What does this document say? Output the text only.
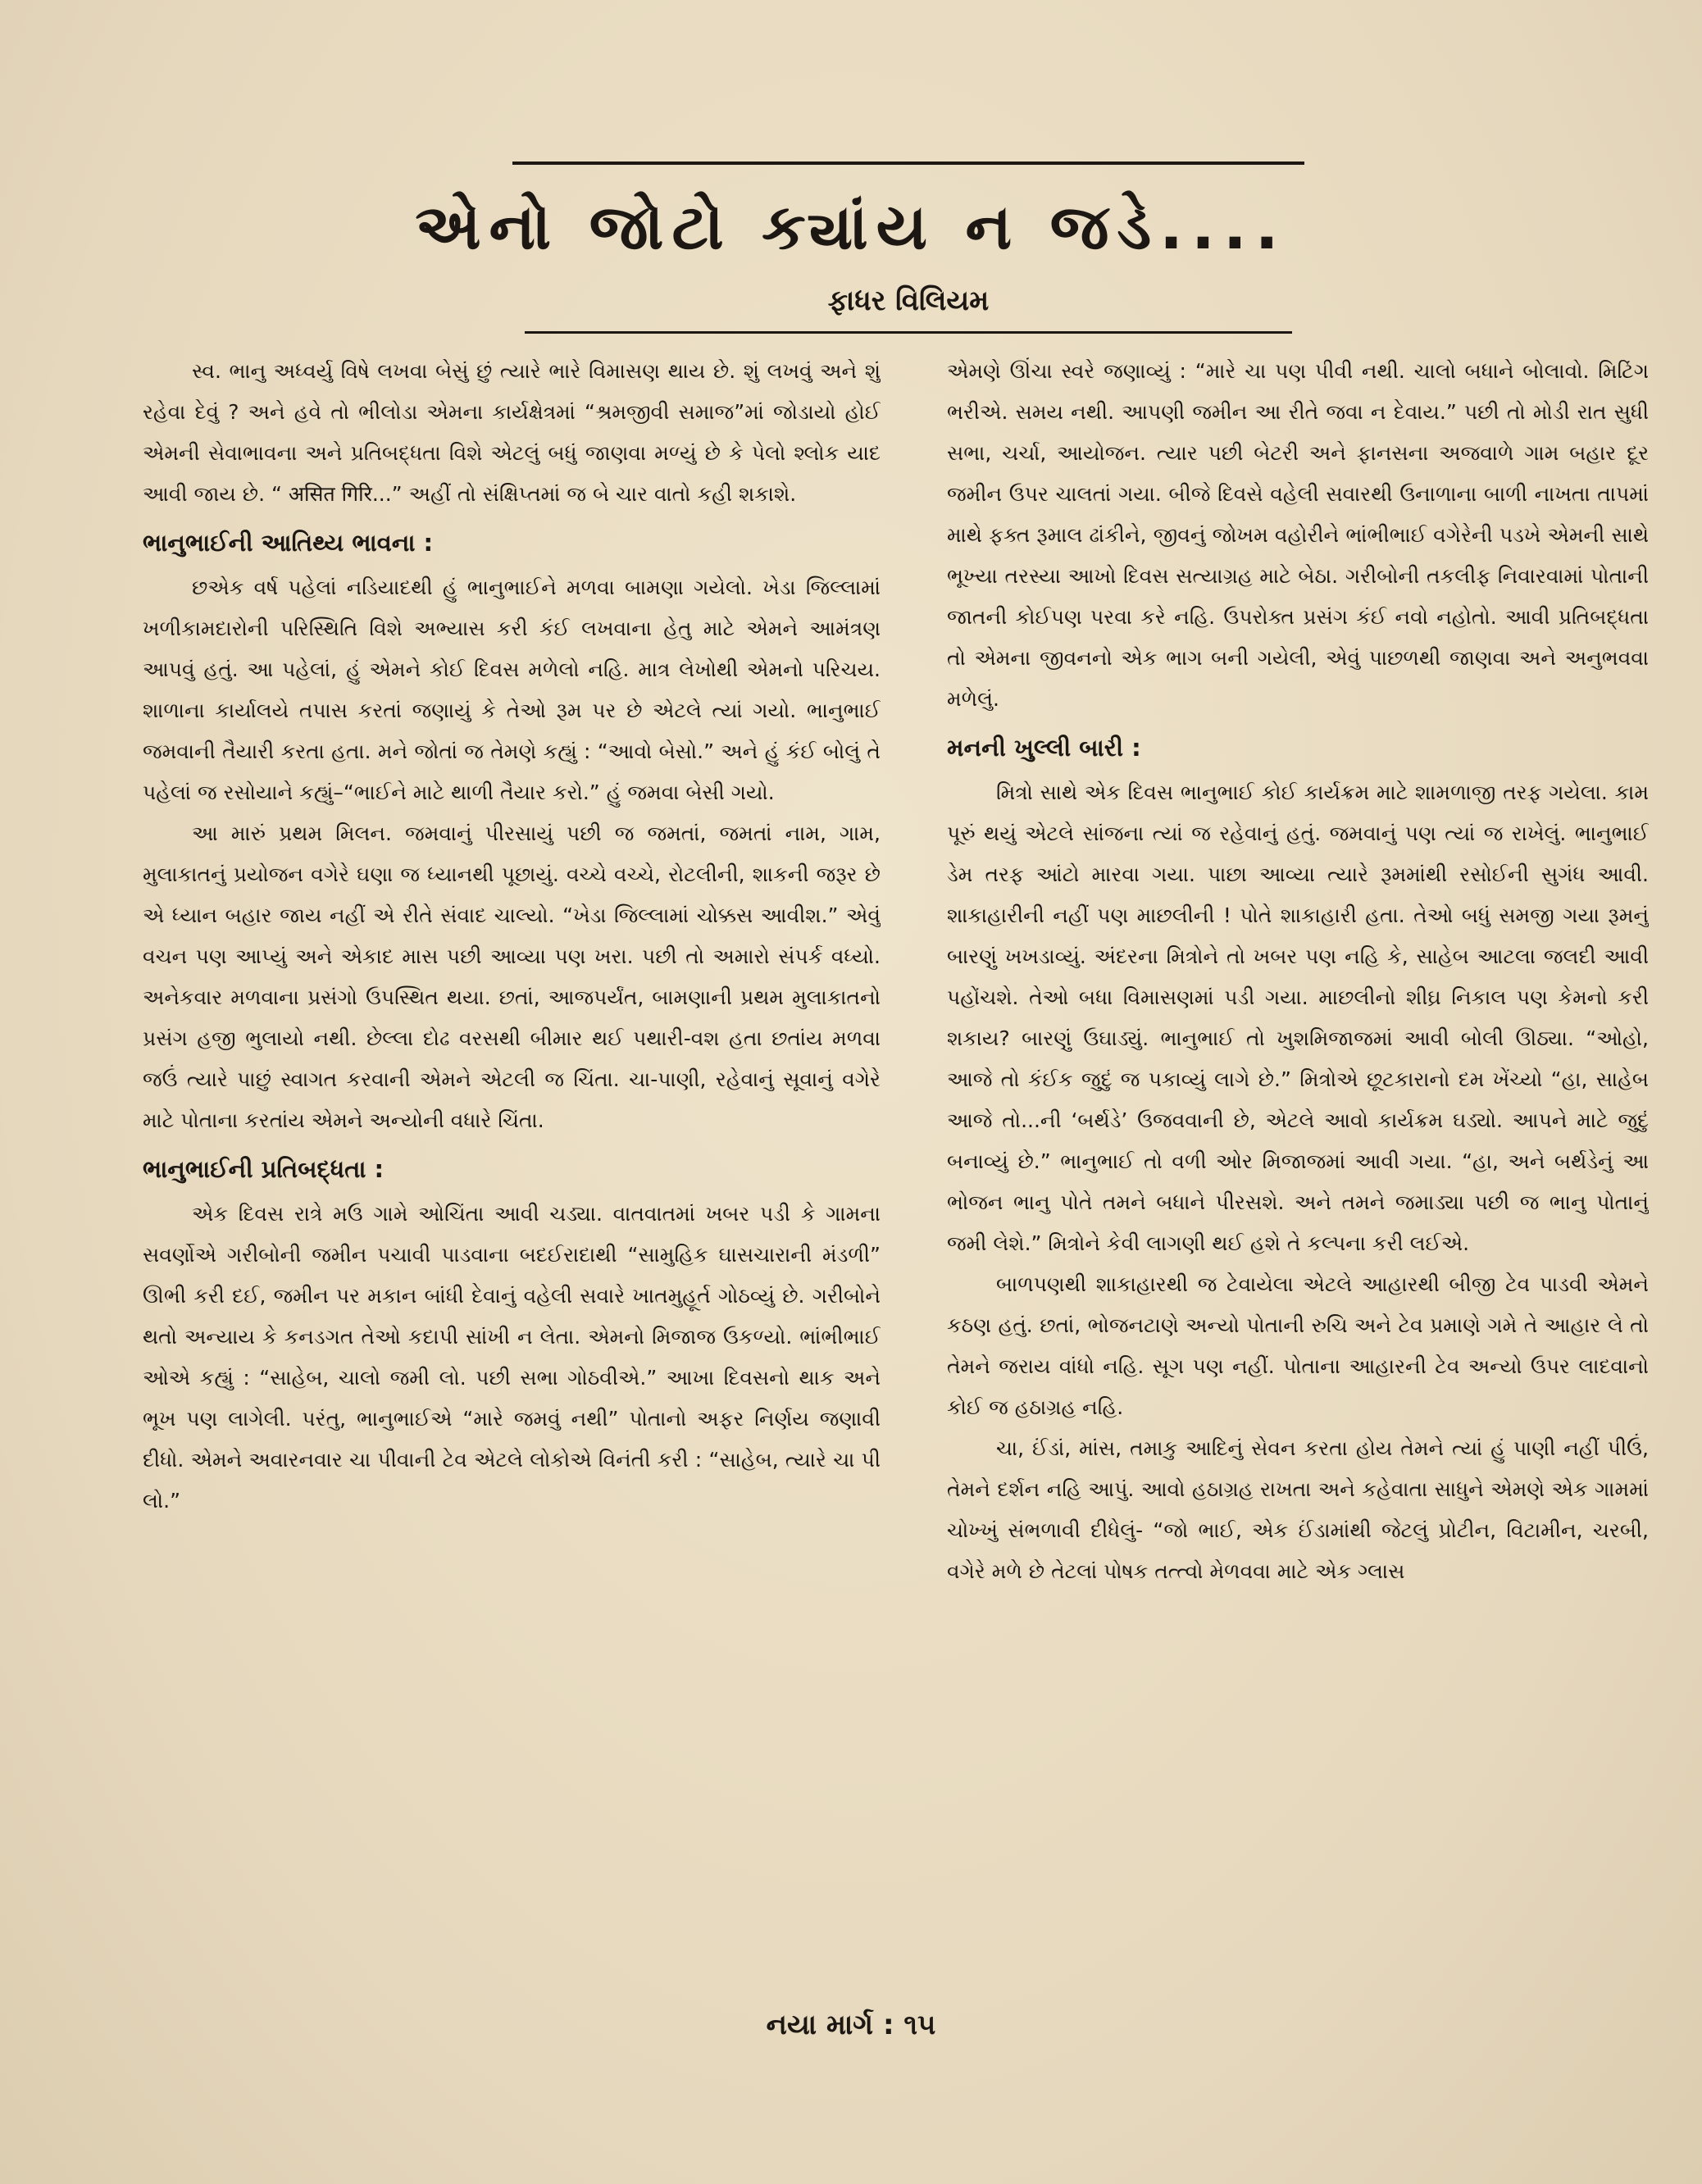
એનો જોટો ક્યાંય ન જડે....
ફાધર વિલિયમ

સ્વ. ભાનુ અધ્વર્યુ વિષે લખવા બેસું છું ત્યારે ભારે વિમાસણ થાય છે. શું લખવું અને શું રહેવા દેવું ? અને હવે તો ભીલોડા એમના કાર્યક્ષેત્રમાં “શ્રમજીવી સમાજ”માં જોડાયો હોઈ એમની સેવાભાવના અને પ્રતિબદ્ધતા વિશે એટલું બધું જાણવા મળ્યું છે કે પેલો શ્લોક યાદ આવી જાય છે. “ असित गिरि...” અહીં તો સંક્ષિપ્તમાં જ બે ચાર વાતો કહી શકાશે.

ભાનુભાઈની આતિથ્ય ભાવના :

છએક વર્ષ પહેલાં નડિયાદથી હું ભાનુભાઈને મળવા બામણા ગયેલો. ખેડા જિલ્લામાં ખળીકામદારોની પરિસ્થિતિ વિશે અભ્યાસ કરી કંઈ લખવાના હેતુ માટે એમને આમંત્રણ આપવું હતું. આ પહેલાં, હું એમને કોઈ દિવસ મળેલો નહિ. માત્ર લેખોથી એમનો પરિચય. શાળાના કાર્યાલયે તપાસ કરતાં જણાયું કે તેઓ રૂમ પર છે એટલે ત્યાં ગયો. ભાનુભાઈ જમવાની તૈયારી કરતા હતા. મને જોતાં જ તેમણે કહ્યું : “આવો બેસો.” અને હું કંઈ બોલું તે પહેલાં જ રસોયાને કહ્યું–“ભાઈને માટે થાળી તૈયાર કરો.” હું જમવા બેસી ગયો.

આ મારું પ્રથમ મિલન. જમવાનું પીરસાયું પછી જ જમતાં, જમતાં નામ, ગામ, મુલાકાતનું પ્રયોજન વગેરે ઘણા જ ધ્યાનથી પૂછાયું. વચ્ચે વચ્ચે, રોટલીની, શાકની જરૂર છે એ ધ્યાન બહાર જાય નહીં એ રીતે સંવાદ ચાલ્યો. “ખેડા જિલ્લામાં ચોક્કસ આવીશ.” એવું વચન પણ આપ્યું અને એકાદ માસ પછી આવ્યા પણ ખરા. પછી તો અમારો સંપર્ક વધ્યો. અનેકવાર મળવાના પ્રસંગો ઉપસ્થિત થયા. છતાં, આજપર્યંત, બામણાની પ્રથમ મુલાકાતનો પ્રસંગ હજી ભુલાયો નથી. છેલ્લા દોઢ વરસથી બીમાર થઈ પથારી-વશ હતા છતાંય મળવા જઉં ત્યારે પાછું સ્વાગત કરવાની એમને એટલી જ ચિંતા. ચા-પાણી, રહેવાનું સૂવાનું વગેરે માટે પોતાના કરતાંય એમને અન્યોની વધારે ચિંતા.

ભાનુભાઈની પ્રતિબદ્ધતા :

એક દિવસ રાત્રે મઉ ગામે ઓચિંતા આવી ચડ્યા. વાતવાતમાં ખબર પડી કે ગામના સવર્ણોએ ગરીબોની જમીન પચાવી પાડવાના બદઈરાદાથી “સામુહિક ઘાસચારાની મંડળી” ઊભી કરી દઈ, જમીન પર મકાન બાંધી દેવાનું વહેલી સવારે ખાતમુહૂર્ત ગોઠવ્યું છે. ગરીબોને થતો અન્યાય કે કનડગત તેઓ કદાપી સાંખી ન લેતા. એમનો મિજાજ ઉકળ્યો. ભાંભીભાઈ ઓએ કહ્યું : “સાહેબ, ચાલો જમી લો. પછી સભા ગોઠવીએ.” આખા દિવસનો થાક અને ભૂખ પણ લાગેલી. પરંતુ, ભાનુભાઈએ “મારે જમવું નથી” પોતાનો અફર નિર્ણય જણાવી દીધો. એમને અવારનવાર ચા પીવાની ટેવ એટલે લોકોએ વિનંતી કરી : “સાહેબ, ત્યારે ચા પી લો.”

એમણે ઊંચા સ્વરે જણાવ્યું : “મારે ચા પણ પીવી નથી. ચાલો બધાને બોલાવો. મિટિંગ ભરીએ. સમય નથી. આપણી જમીન આ રીતે જવા ન દેવાય.” પછી તો મોડી રાત સુધી સભા, ચર્ચા, આયોજન. ત્યાર પછી બેટરી અને ફાનસના અજવાળે ગામ બહાર દૂર જમીન ઉપર ચાલતાં ગયા. બીજે દિવસે વહેલી સવારથી ઉનાળાના બાળી નાખતા તાપમાં માથે ફક્ત રૂમાલ ઢાંકીને, જીવનું જોખમ વહોરીને ભાંભીભાઈ વગેરેની પડખે એમની સાથે ભૂખ્યા તરસ્યા આખો દિવસ સત્યાગ્રહ માટે બેઠા. ગરીબોની તકલીફ નિવારવામાં પોતાની જાતની કોઈપણ પરવા કરે નહિ. ઉપરોક્ત પ્રસંગ કંઈ નવો નહોતો. આવી પ્રતિબદ્ધતા તો એમના જીવનનો એક ભાગ બની ગયેલી, એવું પાછળથી જાણવા અને અનુભવવા મળેલું.

મનની ખુલ્લી બારી :

મિત્રો સાથે એક દિવસ ભાનુભાઈ કોઈ કાર્યક્રમ માટે શામળાજી તરફ ગયેલા. કામ પૂરું થયું એટલે સાંજના ત્યાં જ રહેવાનું હતું. જમવાનું પણ ત્યાં જ રાખેલું. ભાનુભાઈ ડેમ તરફ આંટો મારવા ગયા. પાછા આવ્યા ત્યારે રૂમમાંથી રસોઈની સુગંધ આવી. શાકાહારીની નહીં પણ માછલીની ! પોતે શાકાહારી હતા. તેઓ બધું સમજી ગયા રૂમનું બારણું ખખડાવ્યું. અંદરના મિત્રોને તો ખબર પણ નહિ કે, સાહેબ આટલા જલદી આવી પહોંચશે. તેઓ બધા વિમાસણમાં પડી ગયા. માછલીનો શીઘ્ર નિકાલ પણ કેમનો કરી શકાય? બારણું ઉઘાડ્યું. ભાનુભાઈ તો ખુશમિજાજમાં આવી બોલી ઊઠ્યા. “ઓહો, આજે તો કંઈક જુદું જ પકાવ્યું લાગે છે.” મિત્રોએ છૂટકારાનો દમ ખેંચ્યો “હા, સાહેબ આજે તો...ની ‘બર્થડે’ ઉજવવાની છે, એટલે આવો કાર્યક્રમ ઘડ્યો. આપને માટે જુદું બનાવ્યું છે.” ભાનુભાઈ તો વળી ઓર મિજાજમાં આવી ગયા. “હા, અને બર્થડેનું આ ભોજન ભાનુ પોતે તમને બધાને પીરસશે. અને તમને જમાડ્યા પછી જ ભાનુ પોતાનું જમી લેશે.” મિત્રોને કેવી લાગણી થઈ હશે તે કલ્પના કરી લઈએ.

બાળપણથી શાકાહારથી જ ટેવાયેલા એટલે આહારથી બીજી ટેવ પાડવી એમને કઠણ હતું. છતાં, ભોજનટાણે અન્યો પોતાની રુચિ અને ટેવ પ્રમાણે ગમે તે આહાર લે તો તેમને જરાય વાંધો નહિ. સૂગ પણ નહીં. પોતાના આહારની ટેવ અન્યો ઉપર લાદવાનો કોઈ જ હઠાગ્રહ નહિ.

ચા, ઈંડાં, માંસ, તમાકુ આદિનું સેવન કરતા હોય તેમને ત્યાં હું પાણી નહીં પીઉં, તેમને દર્શન નહિ આપું. આવો હઠાગ્રહ રાખતા અને કહેવાતા સાધુને એમણે એક ગામમાં ચોખ્ખું સંભળાવી દીધેલું- “જો ભાઈ, એક ઈંડામાંથી જેટલું પ્રોટીન, વિટામીન, ચરબી, વગેરે મળે છે તેટલાં પોષક તત્ત્વો મેળવવા માટે એક ગ્લાસ

નયા માર્ગ : ૧૫
